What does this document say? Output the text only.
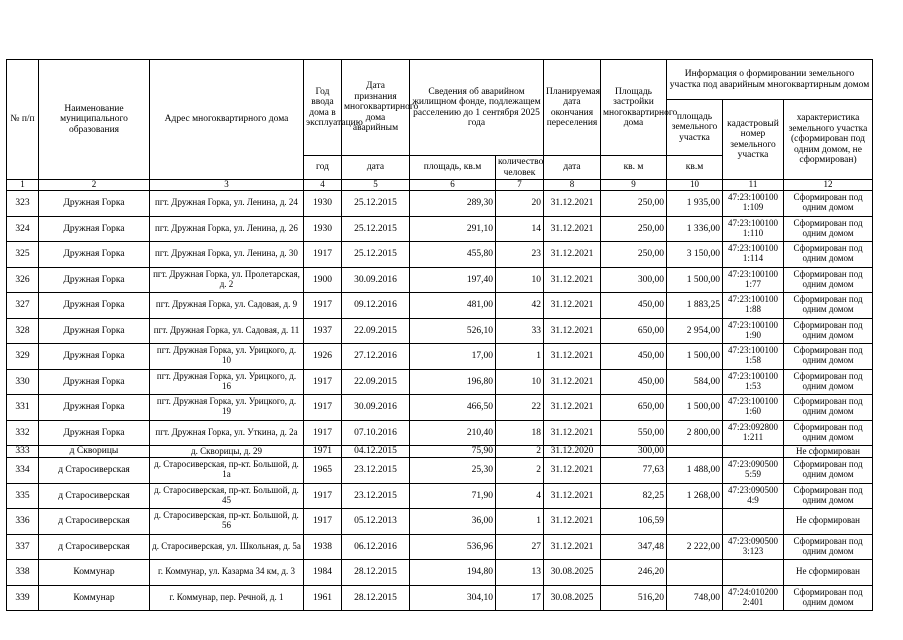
№ п/п	Наименование муниципального образования	Адрес многоквартирного дома	Год ввода дома в эксплуатацию	Дата признания многоквартирного дома аварийным	Сведения об аварийном жилищном фонде, подлежащем расселению до 1 сентября 2025 года		Планируемая дата окончания переселения	Площадь застройки многоквартирного дома	Информация о формировании земельного участка под аварийным многоквартирным домом		
									площадь земельного участка	кадастровый номер земельного участка	характеристика земельного участка (сформирован под одним домом, не сформирован)
			год	дата	площадь, кв.м	количество человек	дата	кв. м	кв.м		
1	2	3	4	5	6	7	8	9	10	11	12
323	Дружная Горка	пгт. Дружная Горка, ул. Ленина, д. 24	1930	25.12.2015	289,30	20	31.12.2021	250,00	1 935,00	47:23:100100 1:109	Сформирован под одним домом
324	Дружная Горка	пгт. Дружная Горка, ул. Ленина, д. 26	1930	25.12.2015	291,10	14	31.12.2021	250,00	1 336,00	47:23:100100 1:110	Сформирован под одним домом
325	Дружная Горка	пгт. Дружная Горка, ул. Ленина, д. 30	1917	25.12.2015	455,80	23	31.12.2021	250,00	3 150,00	47:23:100100 1:114	Сформирован под одним домом
326	Дружная Горка	пгт. Дружная Горка, ул. Пролетарская, д. 2	1900	30.09.2016	197,40	10	31.12.2021	300,00	1 500,00	47:23:100100 1:77	Сформирован под одним домом
327	Дружная Горка	пгт. Дружная Горка, ул. Садовая, д. 9	1917	09.12.2016	481,00	42	31.12.2021	450,00	1 883,25	47:23:100100 1:88	Сформирован под одним домом
328	Дружная Горка	пгт. Дружная Горка, ул. Садовая, д. 11	1937	22.09.2015	526,10	33	31.12.2021	650,00	2 954,00	47:23:100100 1:90	Сформирован под одним домом
329	Дружная Горка	пгт. Дружная Горка, ул. Урицкого, д. 10	1926	27.12.2016	17,00	1	31.12.2021	450,00	1 500,00	47:23:100100 1:58	Сформирован под одним домом
330	Дружная Горка	пгт. Дружная Горка, ул. Урицкого, д. 16	1917	22.09.2015	196,80	10	31.12.2021	450,00	584,00	47:23:100100 1:53	Сформирован под одним домом
331	Дружная Горка	пгт. Дружная Горка, ул. Урицкого, д. 19	1917	30.09.2016	466,50	22	31.12.2021	650,00	1 500,00	47:23:100100 1:60	Сформирован под одним домом
332	Дружная Горка	пгт. Дружная Горка, ул. Уткина, д. 2а	1917	07.10.2016	210,40	18	31.12.2021	550,00	2 800,00	47:23:092800 1:211	Сформирован под одним домом
333	д Скворицы	д. Скворицы, д. 29	1971	04.12.2015	75,90	2	31.12.2020	300,00			Не сформирован
334	д Старосиверская	д. Старосиверская, пр-кт. Большой, д. 1а	1965	23.12.2015	25,30	2	31.12.2021	77,63	1 488,00	47:23:090500 5:59	Сформирован под одним домом
335	д Старосиверская	д. Старосиверская, пр-кт. Большой, д. 45	1917	23.12.2015	71,90	4	31.12.2021	82,25	1 268,00	47:23:090500 4:9	Сформирован под одним домом
336	д Старосиверская	д. Старосиверская, пр-кт. Большой, д. 56	1917	05.12.2013	36,00	1	31.12.2021	106,59			Не сформирован
337	д Старосиверская	д. Старосиверская, ул. Школьная, д. 5а	1938	06.12.2016	536,96	27	31.12.2021	347,48	2 222,00	47:23:090500 3:123	Сформирован под одним домом
338	Коммунар	г. Коммунар, ул. Казарма 34 км, д. 3	1984	28.12.2015	194,80	13	30.08.2025	246,20			Не сформирован
339	Коммунар	г. Коммунар, пер. Речной, д. 1	1961	28.12.2015	304,10	17	30.08.2025	516,20	748,00	47:24:010200 2:401	Сформирован под одним домом
